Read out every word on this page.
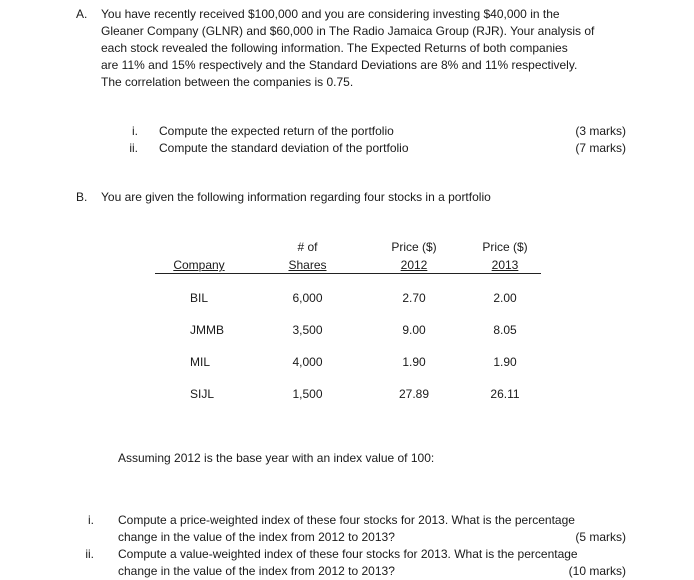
A. You have recently received $100,000 and you are considering investing $40,000 in the
Gleaner Company (GLNR) and $60,000 in The Radio Jamaica Group (RJR). Your analysis of
each stock revealed the following information. The Expected Returns of both companies
are 11% and 15% respectively and the Standard Deviations are 8% and 11% respectively.
The correlation between the companies is 0.75.
i. Compute the expected return of the portfolio	(3 marks)
ii. Compute the standard deviation of the portfolio	(7 marks)
B. You are given the following information regarding four stocks in a portfolio
# of	Price ($)	Price ($)
Company	Shares	2012	2013
BIL	6,000	2.70	2.00
JMMB	3,500	9.00	8.05
MIL	4,000	1.90	1.90
SIJL	1,500	27.89	26.11
Assuming 2012 is the base year with an index value of 100:
i. Compute a price-weighted index of these four stocks for 2013. What is the percentage
change in the value of the index from 2012 to 2013?	(5 marks)
ii. Compute a value-weighted index of these four stocks for 2013. What is the percentage
change in the value of the index from 2012 to 2013?	(10 marks)
